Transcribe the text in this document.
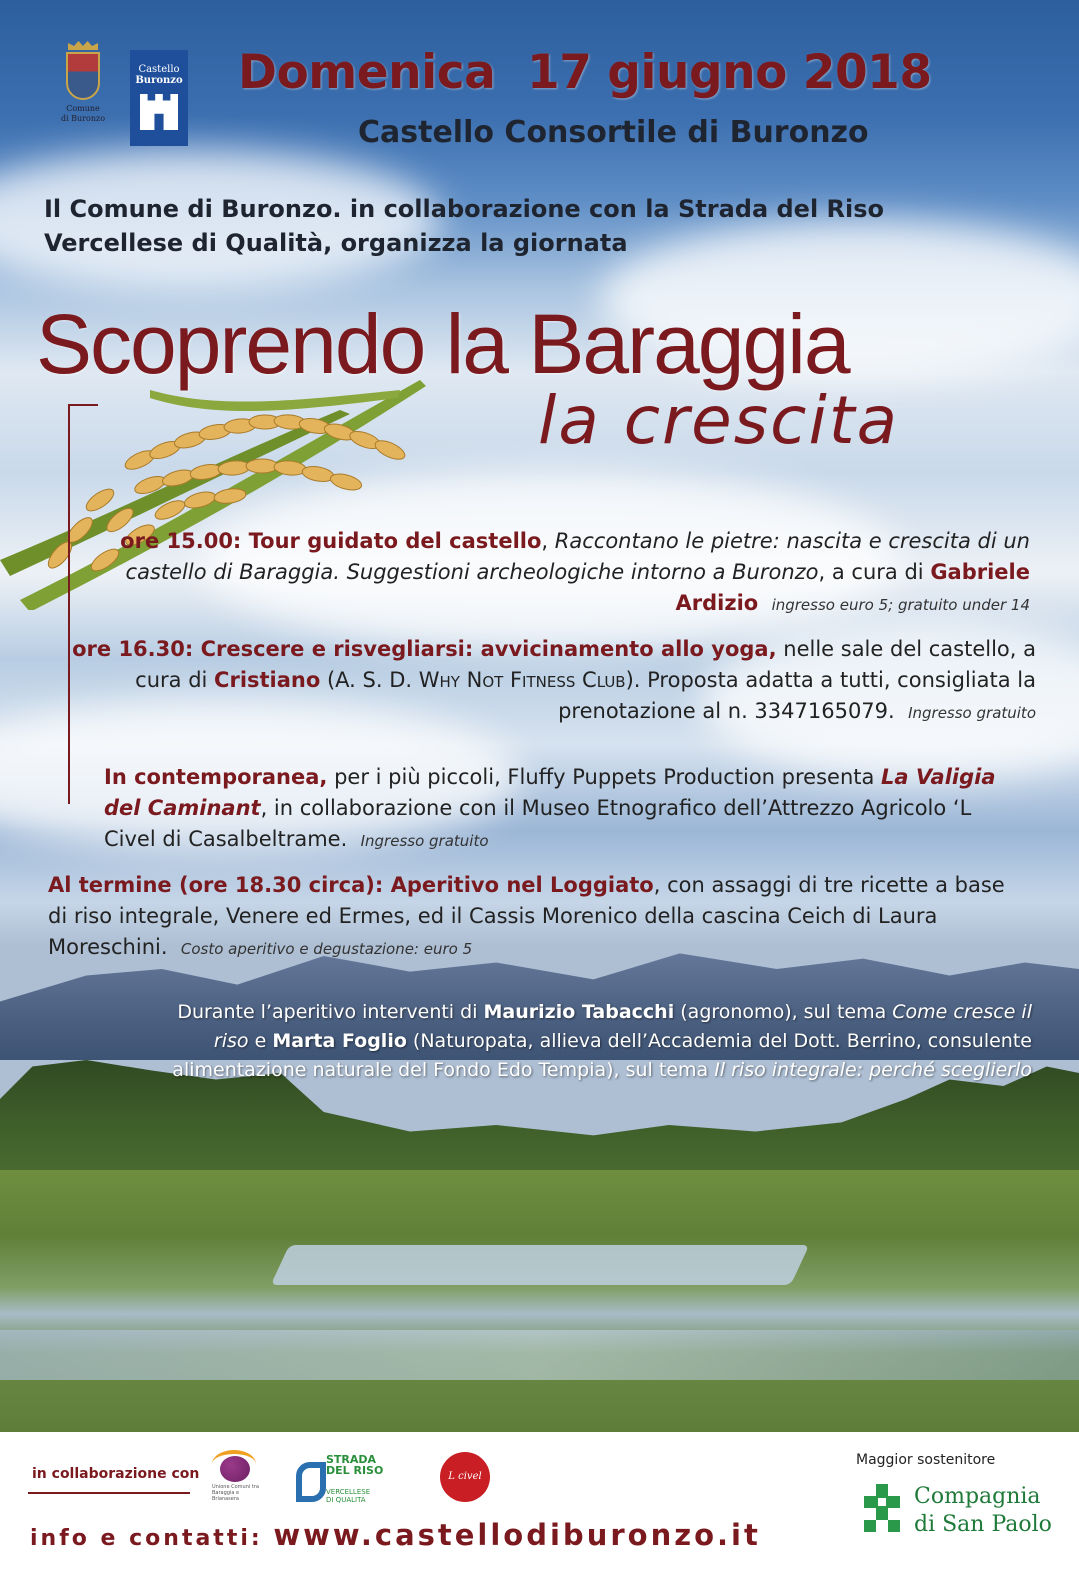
Comune
di Buronzo
Castello
Buronzo Domenica  17 giugno 2018
Castello Consortile di Buronzo
Il Comune di Buronzo. in collaborazione con la Strada del Riso Vercellese di Qualità, organizza la giornata
Scoprendo la Baraggia
la crescita
ore 15.00: Tour guidato del castello, Raccontano le pietre: nascita e crescita di un castello di Baraggia. Suggestioni archeologiche intorno a Buronzo, a cura di Gabriele Ardizio ingresso euro 5; gratuito under 14
ore 16.30: Crescere e risvegliarsi: avvicinamento allo yoga, nelle sale del castello, a cura di Cristiano (A. S. D. Why Not Fitness Club). Proposta adatta a tutti, consigliata la prenotazione al n. 3347165079. Ingresso gratuito
In contemporanea, per i più piccoli, Fluffy Puppets Production presenta La Valigia del Caminant, in collaborazione con il Museo Etnografico dell’Attrezzo Agricolo ‘L Civel di Casalbeltrame. Ingresso gratuito
Al termine (ore 18.30 circa): Aperitivo nel Loggiato, con assaggi di tre ricette a base di riso integrale, Venere ed Ermes, ed il Cassis Morenico della cascina Ceich di Laura Moreschini. Costo aperitivo e degustazione: euro 5
Durante l’aperitivo interventi di Maurizio Tabacchi (agronomo), sul tema Come cresce il riso e Marta Foglio (Naturopata, allieva dell’Accademia del Dott. Berrino, consulente alimentazione naturale del Fondo Edo Tempia), sul tema Il riso integrale: perché sceglierlo
in collaborazione con
Unione Comuni tra Baraggia e Brianasera
STRADA
DEL RISO
VERCELLESE
DI QUALITÀ
L civel
info e contatti: www.castellodiburonzo.it
Maggior sostenitore
Compagnia
di San Paolo
